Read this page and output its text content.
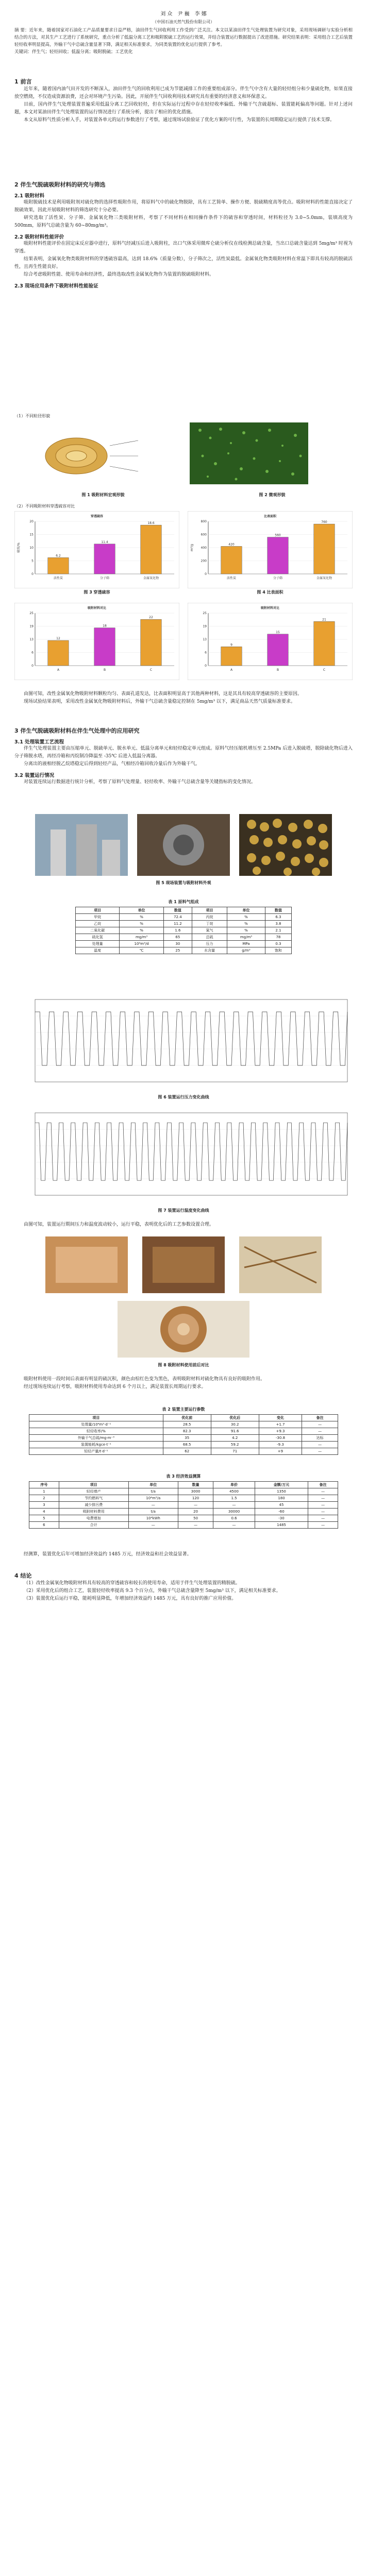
刘 众　尹 巍　李 娜
（中国石油天然气股份有限公司）
摘 要：近年来，随着国家对石油化工产品质量要求日益严格，油田伴生气回收利用工作受到广泛关注。本文以某油田伴生气处理装置为研究对象，采用现场调研与实验分析相结合的方法，对其生产工艺进行了系统研究，重点分析了低温分离工艺和吸附脱硫工艺的运行效果，并结合装置运行数据提出了改进措施。研究结果表明：采用组合工艺后装置轻烃收率明显提高，外输干气中总硫含量显著下降，满足相关标准要求，为同类装置的优化运行提供了参考。
关键词：伴生气；轻烃回收；低温分离；吸附脱硫；工艺优化
1 前言
近年来，随着国内油气田开发的不断深入，油田伴生气的回收利用已成为节能减排工作的重要组成部分。伴生气中含有大量的轻烃组分和少量硫化物，如果直接放空燃烧，不仅造成资源浪费，还会对环境产生污染。因此，开展伴生气回收利用技术研究具有重要的经济意义和环保意义。
目前，国内伴生气处理装置普遍采用低温分离工艺回收轻烃，但在实际运行过程中存在轻烃收率偏低、外输干气含硫超标、装置能耗偏高等问题。针对上述问题，本文对某油田伴生气处理装置的运行情况进行了系统分析，提出了相应的优化措施。
本文从原料气性质分析入手，对装置各单元的运行参数进行了考察，通过现场试验验证了优化方案的可行性，为装置的长周期稳定运行提供了技术支撑。
2 伴生气脱硫吸附材料的研究与筛选
2.1 吸附材料
吸附脱硫技术是利用吸附剂对硫化物的选择性吸附作用，将原料气中的硫化物脱除，具有工艺简单、操作方便、脱硫精度高等优点。吸附材料的性能直接决定了脱硫效果，因此开展吸附材料的筛选研究十分必要。
研究选取了活性炭、分子筛、金属氧化物三类吸附材料，考察了不同材料在相同操作条件下的硫容和穿透时间，材料粒径为 3.0~5.0mm，装填高度为 500mm，原料气总硫含量为 60~80mg/m³。
2.2 吸附材料性能评价
吸附材料性能评价在固定床反应器中进行，原料气经减压后进入吸附柱，出口气体采用微库仑硫分析仪在线检测总硫含量，当出口总硫含量达到 5mg/m³ 时视为穿透。
结果表明，金属氧化物类吸附材料的穿透硫容最高，达到 18.6%（质量分数），分子筛次之，活性炭最低。金属氧化物类吸附材料在常温下即具有较高的脱硫活性，且再生性能良好。
综合考虑吸附性能、使用寿命和经济性，最终选取改性金属氧化物作为装置的脱硫吸附材料。
2.3 现场应用条件下吸附材料性能验证
（1）不同粒径形貌
图 1 吸附材料宏观形貌	图 2 微观形貌
（2）不同吸附材料穿透硫容对比
穿透硫容
0
5
10
15
20
硫容/%
6.2
活性炭
11.4
分子筛
18.6
金属氧化物
比表面积
0
200
400
600
800
m²/g	420
活性炭
560
分子筛
760
金属氧化物
图 3 穿透硫容	图 4 比表面积
吸附材料对比
0
6
13
19
25
12
A
18
B
22
C
吸附材料对比
0
6
13
19
25
9
A
15
B
21
C
由图可知，改性金属氧化物吸附材料颗粒均匀、表面孔道发达，比表面积明显高于其他两种材料，这是其具有较高穿透硫容的主要原因。
现场试验结果表明，采用改性金属氧化物吸附材料后，外输干气总硫含量稳定控制在 5mg/m³ 以下，满足商品天然气质量标准要求。
3 伴生气脱硫吸附材料在伴生气处理中的应用研究
3.1 处理装置工艺流程
伴生气处理装置主要由压缩单元、脱硫单元、脱水单元、低温分离单元和轻烃稳定单元组成。原料气经压缩机增压至 2.5MPa 后进入脱硫塔，脱除硫化物后进入分子筛脱水塔，再经冷箱和丙烷制冷降温至 -35℃ 后进入低温分离器。
分离出的液相经脱乙烷塔稳定后得到轻烃产品，气相经冷箱回收冷量后作为外输干气。
3.2 装置运行情况
对装置连续运行数据进行统计分析，考察了原料气处理量、轻烃收率、外输干气总硫含量等关键指标的变化情况。
图 5 现场装置与吸附材料外观
表 1 原料气组成
项目	单位	数值	项目	单位	数值
甲烷	%	72.4	丙烷	%	6.3
乙烷	%	11.2	丁烷	%	3.8
二氧化碳	%	1.6	氮气	%	2.1
硫化氢	mg/m³	65	总硫	mg/m³	78
处理量	10⁴m³/d	30	压力	MPa	0.3
温度	℃	25	水含量	g/m³	饱和
图 6 装置运行压力变化曲线
图 7 装置运行温度变化曲线
由图可知，装置运行期间压力和温度波动较小，运行平稳，表明优化后的工艺参数设置合理。
图 8 吸附材料使用前后对比
吸附材料使用一段时间后表面有明显的硫沉积，颜色由棕红色变为黑色，表明吸附材料对硫化物具有良好的吸附作用。
经过现场连续运行考察，吸附材料使用寿命达到 6 个月以上，满足装置长周期运行要求。
表 2 装置主要运行参数
项目	优化前	优化后	变化	备注
处理量/10⁴m³·d⁻¹	28.5	30.2	+1.7	—
轻烃收率/%	82.3	91.6	+9.3	—
外输干气总硫/mg·m⁻³	35	4.2	-30.8	达标
装置能耗/kgce·t⁻¹	68.5	59.2	-9.3	—
轻烃产量/t·d⁻¹	62	71	+9	—
表 3 经济效益测算
序号	项目	单位	数量	单价	金额/万元	备注
1	轻烃增产	t/a	3000	4500	1350	—
2	节约燃料气	10⁴m³/a	120	1.5	180	—
3	减少排污费	—	—	—	45	—
4	吸附材料费用	t/a	20	30000	-60	—
5	电费增加	10⁴kWh	50	0.6	-30	—
6	合计	—	—	—	1485	—
经测算，装置优化后年可增加经济效益约 1485 万元，经济效益和社会效益显著。
4 结论
（1）改性金属氧化物吸附材料具有较高的穿透硫容和较长的使用寿命，适用于伴生气处理装置的精脱硫。
（2）采用优化后的组合工艺，装置轻烃收率提高 9.3 个百分点，外输干气总硫含量降至 5mg/m³ 以下，满足相关标准要求。
（3）装置优化后运行平稳，能耗明显降低，年增加经济效益约 1485 万元，具有良好的推广应用价值。
